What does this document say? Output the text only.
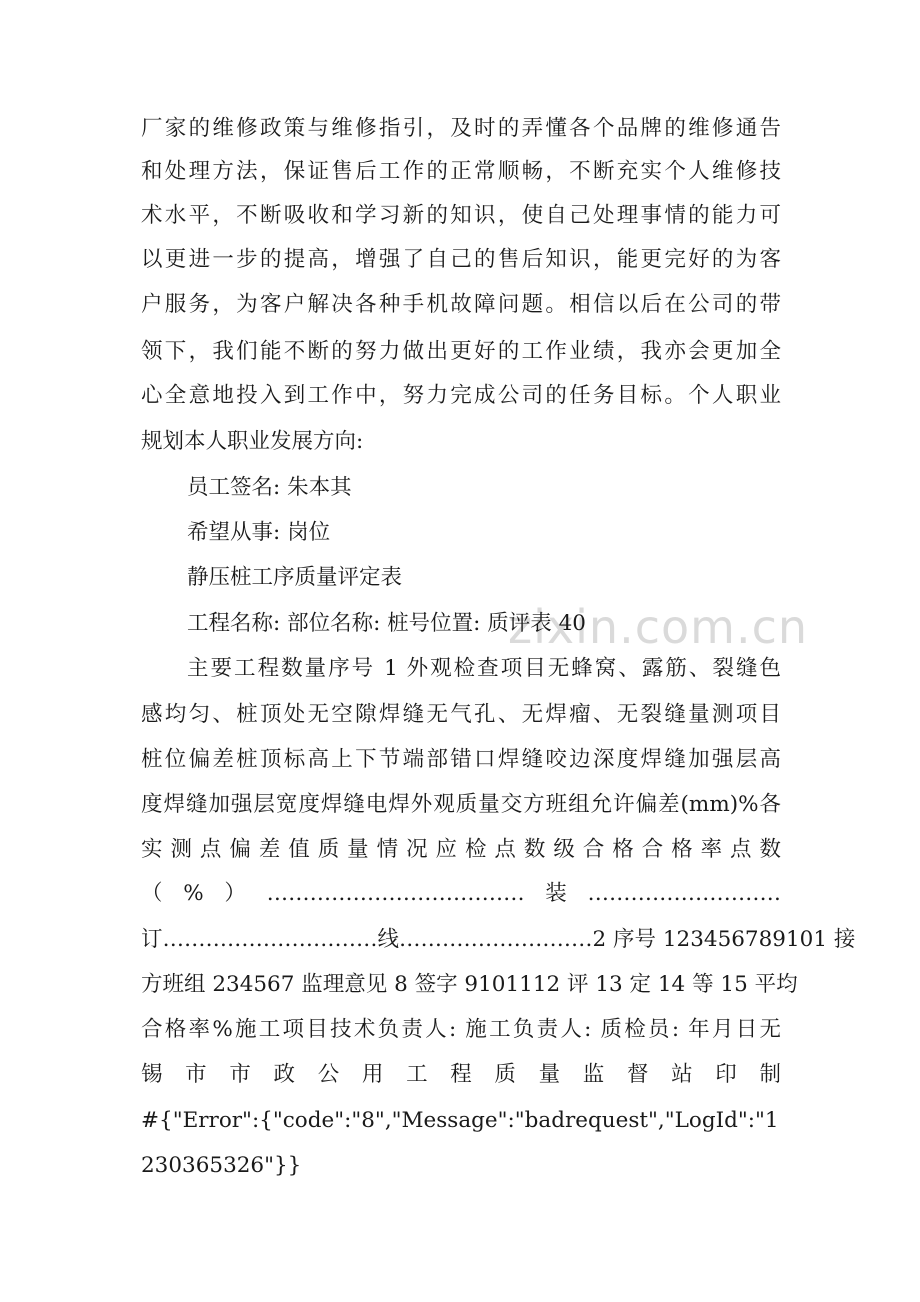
zixin.com.cn
厂家的维修政策与维修指引，及时的弄懂各个品牌的维修通告
和处理方法，保证售后工作的正常顺畅，不断充实个人维修技
术水平，不断吸收和学习新的知识，使自己处理事情的能力可
以更进一步的提高，增强了自己的售后知识，能更完好的为客
户服务，为客户解决各种手机故障问题。相信以后在公司的带
领下，我们能不断的努力做出更好的工作业绩，我亦会更加全
心全意地投入到工作中，努力完成公司的任务目标。个人职业
规划本人职业发展方向:
员工签名: 朱本其
希望从事: 岗位
静压桩工序质量评定表
工程名称: 部位名称: 桩号位置: 质评表 40
主要工程数量序号 1 外观检查项目无蜂窝、露筋、裂缝色
感均匀、桩顶处无空隙焊缝无气孔、无焊瘤、无裂缝量测项目
桩位偏差桩顶标高上下节端部错口焊缝咬边深度焊缝加强层高
度焊缝加强层宽度焊缝电焊外观质量交方班组允许偏差(mm)%各
实测点偏差值质量情况应检点数级合格合格率点数
（%）………………………………装………………………
订…………………………线………………………2 序号 123456789101 接
方班组 234567 监理意见 8 签字 9101112 评 13 定 14 等 15 平均
合格率%施工项目技术负责人: 施工负责人: 质检员: 年月日无
锡市市政公用工程质量监督站印制
#{"Error":{"code":"8","Message":"badrequest","LogId":"1
230365326"}}
